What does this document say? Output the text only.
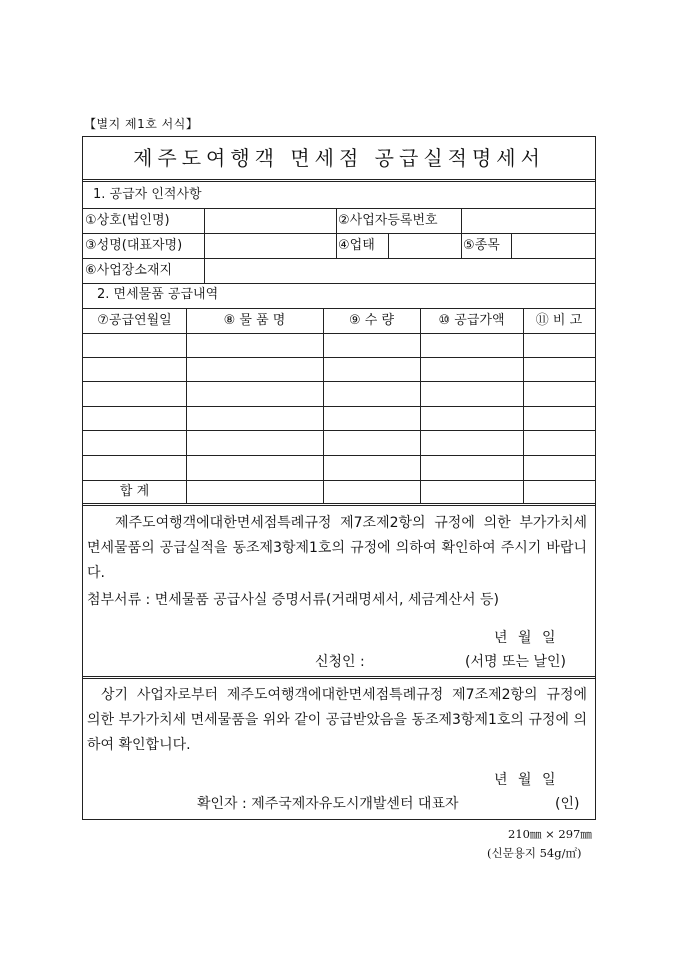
【별지 제1호 서식】
제주도여행객 면세점 공급실적명세서
1. 공급자 인적사항
①상호(법인명)	②사업자등록번호
③성명(대표자명)	④업태	⑤종목
⑥사업장소재지
2. 면세물품 공급내역
⑦공급연월일	⑧ 물 품 명	⑨ 수 량	⑩ 공급가액	⑪ 비 고
합 계
제주도여행객에대한면세점특례규정 제7조제2항의 규정에 의한 부가가치세 면세물품의 공급실적을 동조제3항제1호의 규정에 의하여 확인하여 주시기 바랍니다.
첨부서류 : 면세물품 공급사실 증명서류(거래명세서, 세금계산서 등)
년 월 일
신청인 :	(서명 또는 날인)
상기 사업자로부터 제주도여행객에대한면세점특례규정 제7조제2항의 규정에 의한 부가가치세 면세물품을 위와 같이 공급받았음을 동조제3항제1호의 규정에 의하여 확인합니다.
년 월 일
확인자 : 제주국제자유도시개발센터 대표자	(인)
210㎜ × 297㎜
(신문용지 54g/㎡)
